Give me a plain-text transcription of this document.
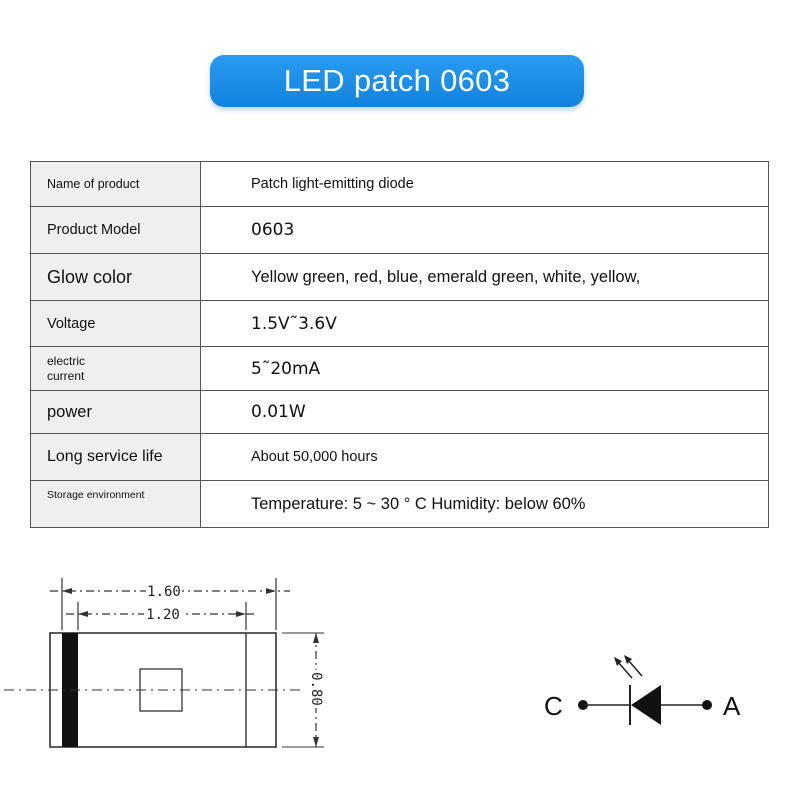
LED patch 0603
Name of product	Patch light-emitting diode
Product Model	0603
Glow color	Yellow green, red, blue, emerald green, white, yellow,
Voltage	1.5V˜3.6V

electric
current	5˜20mA
power	0.01W
Long service life	About 50,000 hours
Storage environment	Temperature: 5 ~ 30 ° C Humidity: below 60%
1.60
1.20
0.80
C	A
